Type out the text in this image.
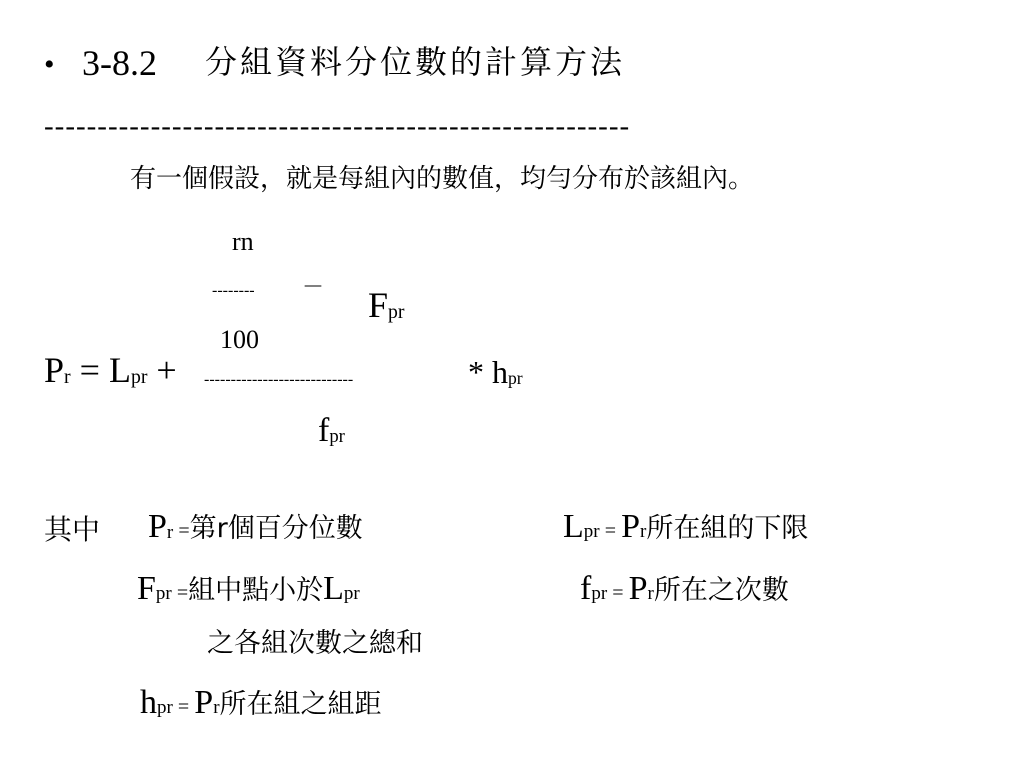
• 3-8.2 分組資料分位數的計算方法
-------------------------------------------------------
有一個假設，就是每組內的數值，均勻分布於該組內。
rn
-------- － Fpr
100
Pr = Lpr + ----------------------------	* hpr
fpr
其中 Pr =第r個百分位數	Lpr = Pr所在組的下限
Fpr =組中點小於Lpr
之各組次數之總和
fpr = Pr所在之次數
hpr = Pr所在組之組距
